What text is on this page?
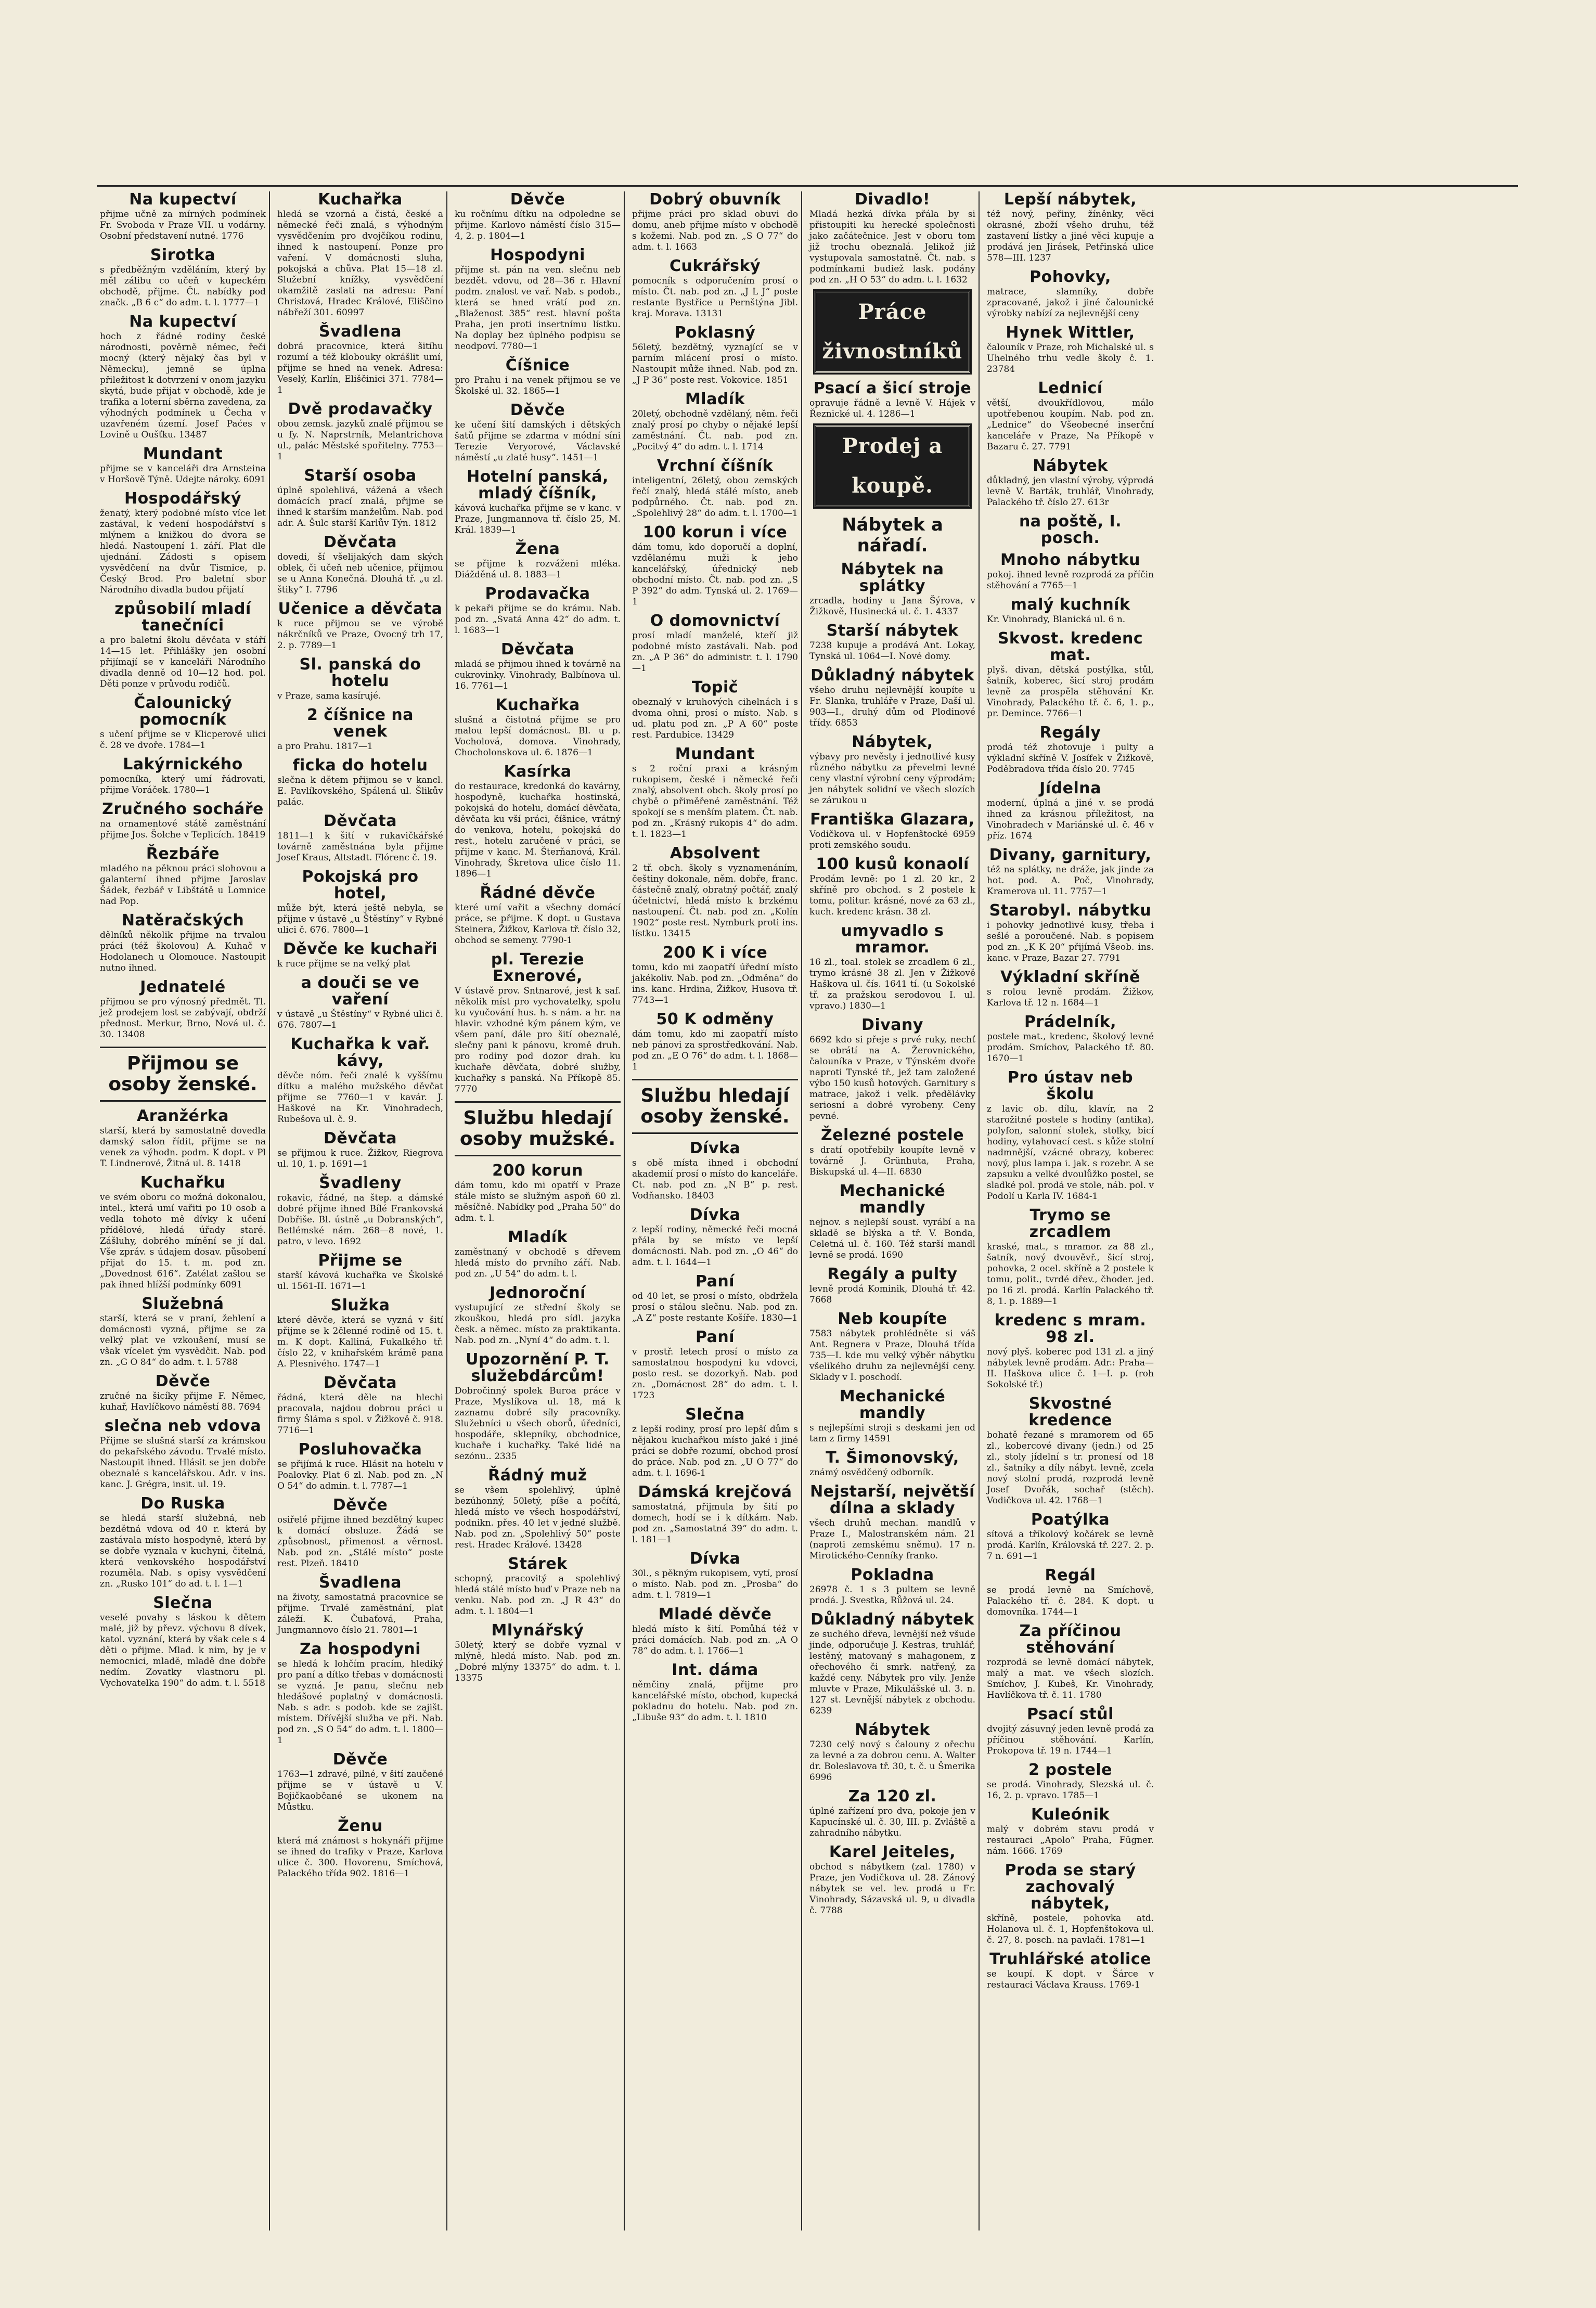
Na kupectví

přijme učně za mírných podmínek Fr. Svoboda v Praze VII. u vodárny. Osobní představení nutné. 1776

Sirotka

s předběžným vzděláním, který by měl zálibu co učeň v kupeckém obchodě, přijme. Čt. nabídky pod značk. „B 6 c“ do adm. t. l. 1777—1

Na kupectví

hoch z řádné rodiny české národnosti, pověrně němec, řeči mocný (který nějaký čas byl v Německu), jemně se úplna přiležitost k dotvrzení v onom jazyku skytá, bude přijat v obchodě, kde je trafika a loterní sběrna zavedena, za výhodných podmínek u Čecha v uzavřeném území. Josef Paćes v Lovině u Oušťku. 13487

Mundant

přijme se v kanceláři dra Arnsteina v Horšově Týně. Udejte nároky. 6091

Hospodářský

ženatý, který podobné místo více let zastával, k vedení hospodářství s mlýnem a knižkou do dvora se hledá. Nastoupení 1. září. Plat dle ujednání. Zádosti s opisem vysvědčení na dvůr Tismice, p. Český Brod. Pro baletní sbor Národního divadla budou přijatí

způsobilí mladí tanečníci

a pro baletní školu děvčata v stáří 14—15 let. Přihlášky jen osobní přijímají se v kanceláři Národního divadla denně od 10—12 hod. pol. Děti ponze v průvodu rodičů.

Čalounický pomocník

s učení přijme se v Klicperově ulici č. 28 ve dvoře. 1784—1

Lakýrnického

pomocníka, který umí řádrovati, přijme Voráček. 1780—1

Zručného socháře

na ornamentové státě zaměstnání přijme Jos. Šolche v Teplicích. 18419

Řezbáře

mladého na pěknou práci slohovou a galanterní ihned přijme Jaroslav Šádek, řezbář v Libštátě u Lomnice nad Pop.

Natěračských

dělníků několik přijme na trvalou práci (též školovou) A. Kuhač v Hodolanech u Olomouce. Nastoupit nutno ihned.

Jednatelé

přijmou se pro výnosný předmět. Tl. jež prodejem lost se zabývají, obdrží přednost. Merkur, Brno, Nová ul. č. 30. 13408

Přijmou se osoby ženské.
Aranžérka

starší, která by samostatně dovedla damský salon řídit, přijme se na venek za výhodn. podm. K dopt. v Pl T. Lindnerové, Žitná ul. 8. 1418

Kuchařku

ve svém oboru co možná dokonalou, intel., která umí vařiti po 10 osob a vedla tohoto mě dívky k učení přídělové, hledá úřady staré. Zášluhy, dobrého mínění se jí dal. Vše zpráv. s údajem dosav. působení přijat do 15. t. m. pod zn. „Dovednost 616“. Zatélat zašlou se pak ihned hlížší podmínky 6091

Služebná

starší, která se v praní, žehlení a domácnosti vyzná, přijme se za velký plat ve vzkoušení, musí se však vícelet ým vysvědčit. Nab. pod zn. „G O 84“ do adm. t. l. 5788

Děvče

zručné na šicíky přijme F. Němec, kuhař, Havlíčkovo náměstí 88. 7694

slečna neb vdova

Přijme se slušná starší za krámskou do pekařského závodu. Trvalé místo. Nastoupit ihned. Hlásit se jen dobře obeznalé s kancelářskou. Adr. v ins. kanc. J. Grégra, insit. ul. 19.

Do Ruska

se hledá starší služebná, neb bezdětná vdova od 40 r. která by zastávala místo hospodyně, která by se dobře vyznala v kuchyni, čitelná, která venkovského hospodářství rozuměla. Nab. s opisy vysvědčení zn. „Rusko 101“ do ad. t. l. 1—1

Slečna

veselé povahy s láskou k dětem malé, již by převz. výchovu 8 dívek, katol. vyznání, která by však cele s 4 děti o přijme. Mlad. k nim, by je v nemocnici, mladě, mladě dne dobře nedím. Zovatky vlastnoru pl. Vychovatelka 190“ do adm. t. l. 5518

Kuchařka

hledá se vzorná a čistá, české a německé řeči znalá, s výhodným vysvědčením pro dvojčíkou rodinu, ihned k nastoupení. Ponze pro vaření. V domácnosti sluha, pokojská a chůva. Plat 15—18 zl. Služební knížky, vysvědčení okamžitě zaslati na adresu: Paní Christová, Hradec Králové, Eliščino nábřeží 301. 60997

Švadlena

dobrá pracovnice, která šitíhu rozumí a též klobouky okrášlit umí, přijme se hned na venek. Adresa: Veselý, Karlín, Eliščinici 371. 7784—1

Dvě prodavačky

obou zemsk. jazyků znalé přijmou se u fy. N. Naprstrník, Melantrichova ul., palác Městské spořitelny. 7753—1

Starší osoba

úplně spolehlivá, vážená a všech domácích prací znalá, přijme se ihned k starším manželům. Nab. pod adr. A. Šulc starší Karlův Týn. 1812

Děvčata

dovedi, ší všelijakých dam ských oblek, či učeň neb učenice, přijmou se u Anna Konečná. Dlouhá tř. „u zl. štiky“ I. 7796

Učenice a děvčata

k ruce přijmou se ve výrobě nákrčníků ve Praze, Ovocný trh 17, 2. p. 7789—1

Sl. panská do hotelu

v Praze, sama kasírujé.

2 číšnice na venek

a pro Prahu. 1817—1

ficka do hotelu

slečna k dětem přijmou se v kancl. E. Pavlíkovského, Spálená ul. Šlikův palác.

Děvčata

1811—1 k šití v rukavičkářské továrně zaměstnána byla přijme Josef Kraus, Altstadt. Flórenc č. 19.

Pokojská pro hotel,

může být, která ještě nebyla, se přijme v ústavě „u Štěstíny“ v Rybné ulici č. 676. 7800—1

Děvče ke kuchaři

k ruce přijme se na velký plat

a douči se ve vaření

v ústavě „u Štěstíny“ v Rybné ulici č. 676. 7807—1

Kuchařka k vař. kávy,

děvče nóm. řeči znalé k vyššímu dítku a malého mužského děvčat přijme se 7760—1 v kavár. J. Haškové na Kr. Vinohradech, Rubešova ul. č. 9.

Děvčata

se přijmou k ruce. Žižkov, Riegrova ul. 10, 1. p. 1691—1

Švadleny

rokavic, řádné, na štep. a dámské dobré přijme ihned Bílé Frankovská Dobřiše. Bl. ústně „u Dobranských“, Betlémské nám. 268—8 nové, 1. patro, v levo. 1692

Přijme se

starší kávová kuchařka ve Školské ul. 1561-II. 1671—1

Služka

které děvče, která se vyzná v šití přijme se k 2členné rodině od 15. t. m. K dopt. Kalliná, Fukalkého tř. číslo 22, v knihařském krámě pana A. Plesnivého. 1747—1

Děvčata

řádná, která děle na hlechi pracovala, najdou dobrou práci u firmy Šláma s spol. v Žižkově č. 918. 7716—1

Posluhovačka

se přijímá k ruce. Hlásit na hotelu v Poalovky. Plat 6 zl. Nab. pod zn. „N O 54“ do admin. t. l. 7787—1

Děvče

osiřelé přijme ihned bezdětný kupec k domácí obsluze. Žádá se způsobnost, přimenost a věrnost. Nab. pod zn. „Stálé místo“ poste rest. Plzeň. 18410

Švadlena

na životy, samostatná pracovnice se přijme. Trvalé zaměstnání, plat záleží. K. Čubaťová, Praha, Jungmannovo číslo 21. 7801—1

Za hospodyni

se hledá k lohčím pracím, hlediký pro paní a dítko třebas v domácnosti se vyzná. Je panu, slečnu neb hledášové poplatný v domácnosti. Nab. s adr. s podob. kde se zajišt. místem. Dřívější služba ve při. Nab. pod zn. „S O 54“ do adm. t. l. 1800—1

Děvče

1763—1 zdravé, pilné, v šití zaučené přijme se v ústavě u V. Bojičkaobčané se ukonem na Můstku.

Ženu

která má známost s hokynáři přijme se ihned do trafiky v Praze, Karlova ulice č. 300. Hovorenu, Smíchová, Palackého třída 902. 1816—1

Děvče

ku ročnímu dítku na odpoledne se přijme. Karlovo náměstí číslo 315—4, 2. p. 1804—1

Hospodyni

přijme st. pán na ven. slečnu neb bezdět. vdovu, od 28—36 r. Hlavní podm. znalost ve vař. Nab. s podob., která se hned vrátí pod zn. „Blaženost 385“ rest. hlavní pošta Praha, jen proti insertnímu lístku. Na doplay bez úplného podpisu se neodpoví. 7780—1

Číšnice

pro Prahu i na venek přijmou se ve Školské ul. 32. 1865—1

Děvče

ke učení šití damských i dětských šatů přijme se zdarma v módní síni Terezie Veryorové, Václavské náměstí „u zlaté husy“. 1451—1

Hotelní panská, mladý číšník,

kávová kuchařka přijme se v kanc. v Praze, Jungmannova tř. číslo 25, M. Král. 1839—1

Žena

se přijme k rozváženi mléka. Diážděná ul. 8. 1883—1

Prodavačka

k pekaři přijme se do krámu. Nab. pod zn. „Svatá Anna 42“ do adm. t. l. 1683—1

Děvčata

mladá se přijmou ihned k továrně na cukrovinky. Vinohrady, Balbínova ul. 16. 7761—1

Kuchařka

slušná a čistotná přijme se pro malou lepší domácnost. Bl. u p. Vocholová, domova. Vinohrady, Chocholonskova ul. 6. 1876—1

Kasírka

do restaurace, kredonká do kavárny, hospodyně, kuchařka hostinská, pokojská do hotelu, domácí děvčata, děvčata ku vší práci, číšnice, vrátný do venkova, hotelu, pokojská do rest., hotelu zaručené v práci, se přijme v kanc. M. Šterňanová, Král. Vinohrady, Škretova ulice číslo 11. 1896—1

Řádné děvče

které umí vařit a všechny domácí práce, se přijme. K dopt. u Gustava Steinera, Žižkov, Karlova tř. číslo 32, obchod se semeny. 7790-1

pl. Terezie Exnerové,

V ústavě prov. Sntnarové, jest k saf. několik míst pro vychovatelky, spolu ku vyučování hus. h. s nám. a hr. na hlavir. vzhodné kým pánem kým, ve všem paní, dále pro šití obeznalé, slečny pani k pánovu, kromě druh. pro rodiny pod dozor drah. ku kuchaře děvčata, dobré služby, kuchařky s panská. Na Příkopě 85. 7770

Službu hledají osoby mužské.
200 korun

dám tomu, kdo mi opatří v Praze stále místo se služným aspoň 60 zl. měsíčně. Nabídky pod „Praha 50“ do adm. t. l.

Mladík

zaměstnaný v obchodě s dřevem hledá místo do prvního září. Nab. pod zn. „U 54“ do adm. t. l.

Jednoroční

vystupující ze střední školy se zkouškou, hledá pro sídl. jazyka česk. a němec. místo za praktikanta. Nab. pod zn. „Nyní 4“ do adm. t. l.

Upozornění P. T. služebdárcům!

Dobročinný spolek Buroa práce v Praze, Myslíkova ul. 18, má k zaznamu dobré síly pracovníky. Služebníci u všech oborů, úředníci, hospodáře, sklepníky, obchodnice, kuchaře i kuchařky. Také lidé na sezónu.. 2335

Řádný muž

se všem spolehlivý, úplně bezúhonný, 50letý, píše a počítá, hledá místo ve všech hospodářství, podnikn. přes. 40 let v jedné službě. Nab. pod zn. „Spolehlivý 50“ poste rest. Hradec Králové. 13428

Stárek

schopný, pracovitý a spolehlivý hledá stálé místo buď v Praze neb na venku. Nab. pod zn. „J R 43“ do adm. t. l. 1804—1

Mlynářský

50letý, který se dobře vyznal v mlýně, hledá místo. Nab. pod zn. „Dobré mlýny 13375“ do adm. t. l. 13375

Dobrý obuvník

přijme práci pro sklad obuvi do domu, aneb přijme místo v obchodě s kožemi. Nab. pod zn. „S O 77“ do adm. t. l. 1663

Cukrářský

pomocník s odporučením prosí o místo. Čt. nab. pod zn. „J L J“ poste restante Bystřice u Pernštýna Jibl. kraj. Morava. 13131

Poklasný

56letý, bezdětný, vyznající se v parním mlácení prosí o místo. Nastoupit může ihned. Nab. pod zn. „J P 36“ poste rest. Vokovice. 1851

Mladík

20letý, obchodně vzdělaný, něm. řeči znalý prosí po chyby o nějaké lepší zaměstnání. Čt. nab. pod zn. „Pocitvý 4“ do adm. t. l. 1714

Vrchní číšník

inteligentní, 26letý, obou zemských řečí znalý, hledá stálé místo, aneb podpůrného. Čt. nab. pod zn. „Spolehlivý 28“ do adm. t. l. 1700—1

100 korun i více

dám tomu, kdo doporučí a doplní, vzdělanému muži k jeho kancelářský, úřednický neb obchodní místo. Čt. nab. pod zn. „S P 392“ do adm. Tynská ul. 2. 1769—1

O domovnictví

prosí mladí manželé, kteří již podobné místo zastávali. Nab. pod zn. „A P 36“ do administr. t. l. 1790—1

Topič

obeznalý v kruhových cihelnách i s dvoma ohni, prosí o místo. Nab. s ud. platu pod zn. „P A 60“ poste rest. Pardubice. 13429

Mundant

s 2 roční praxi a krásným rukopisem, české i německé řeči znalý, absolvent obch. školy prosí po chybě o přiměřené zaměstnání. Též spokojí se s menším platem. Čt. nab. pod zn. „Krásný rukopis 4“ do adm. t. l. 1823—1

Absolvent

2 tř. obch. školy s vyznamenáním, češtiny dokonale, něm. dobře, franc. částečně znalý, obratný počtář, znalý účetnictví, hledá místo k brzkému nastoupení. Čt. nab. pod zn. „Kolín 1902“ poste rest. Nymburk proti ins. lístku. 13415

200 K i více

tomu, kdo mi zaopatří úřední místo jakékoliv. Nab. pod zn. „Odměna“ do ins. kanc. Hrdina, Žižkov, Husova tř. 7743—1

50 K odměny

dám tomu, kdo mi zaopatří místo neb pánovi za sprostředkování. Nab. pod zn. „E O 76“ do adm. t. l. 1868—1

Službu hledají osoby ženské.
Dívka

s obě místa ihned i obchodní akademií prosí o místo do kanceláře. Ct. nab. pod zn. „N B“ p. rest. Vodňansko. 18403

Dívka

z lepší rodiny, německé řeči mocná přála by se místo ve lepší domácnosti. Nab. pod zn. „O 46“ do adm. t. l. 1644—1

Paní

od 40 let, se prosí o místo, obdržela prosí o stálou slečnu. Nab. pod zn. „A Z“ poste restante Košíře. 1830—1

Paní

v prostř. letech prosí o místo za samostatnou hospodyni ku vdovci, posto rest. se dozorkyň. Nab. pod zn. „Domácnost 28“ do adm. t. l. 1723

Slečna

z lepší rodiny, prosí pro lepší dům s nějakou kuchařkou místo jaké i jiné práci se dobře rozumí, obchod prosí do práce. Nab. pod zn. „U O 77“ do adm. t. l. 1696-1

Dámská krejčová

samostatná, přijmula by šití po domech, hodí se i k dítkám. Nab. pod zn. „Samostatná 39“ do adm. t. l. 181—1

Dívka

30l., s pěkným rukopisem, vytí, prosí o místo. Nab. pod zn. „Prosba“ do adm. t. l. 7819—1

Mladé děvče

hledá místo k šití. Pomůhá též v práci domácích. Nab. pod zn. „A O 78“ do adm. t. l. 1766—1

Int. dáma

němčiny znalá, přijme pro kancelářské místo, obchod, kupecká pokladnu do hotelu. Nab. pod zn. „Libuše 93“ do adm. t. l. 1810

Divadlo!

Mladá hezká dívka přála by si přistoupiti ku herecké společnosti jako začátečnice. Jest v oboru tom již trochu obeznalá. Jelikož již vystupovala samostatně. Čt. nab. s podmínkami budiež lask. podány pod zn. „H O 53“ do adm. t. l. 1632

Práce živnostníků
Psací a šicí stroje

opravuje řádně a levně V. Hájek v Řeznické ul. 4. 1286—1

Prodej a koupě.
Nábytek a nářadí.
Nábytek na splátky

zrcadla, hodiny u Jana Šýrova, v Žižkově, Husinecká ul. č. 1. 4337

Starší nábytek

7238 kupuje a prodává Ant. Lokay, Tynská ul. 1064—I. Nové domy.

Důkladný nábytek

všeho druhu nejlevnější koupíte u Fr. Slanka, truhláře v Praze, Daší ul. 903—I., druhý dům od Plodinové třídy. 6853

Nábytek,

výbavy pro nevěsty i jednotlivé kusy různého nábytku za převelmi levné ceny vlastní výrobní ceny výprodám; jen nábytek solidní ve všech slozích se zárukou u

Františka Glazara,

Vodičkova ul. v Hopfenštocké 6959 proti zemského soudu.

100 kusů konaolí

Prodám levně: po 1 zl. 20 kr., 2 skříně pro obchod. s 2 postele k tomu, politur. krásné, nové za 63 zl., kuch. kredenc krásn. 38 zl.

umyvadlo s mramor.

16 zl., toal. stolek se zrcadlem 6 zl., trymo krásné 38 zl. Jen v Žižkově Haškova ul. čís. 1641 tí. (u Sokolské tř. za pražskou serodovou I. ul. vpravo.) 1830—1

Divany

6692 kdo si přeje s prvé ruky, nechť se obrátí na A. Žerovnického, čalouníka v Praze, v Týnském dvoře naproti Tynské tř., jež tam založené výbo 150 kusů hotových. Garnitury s matrace, jakož i velk. předělávky seriosní a dobré vyrobeny. Ceny pevné.

Železné postele

s dratí opotřebily koupíte levně v továrně J. Grünhuta, Praha, Biskupská ul. 4—II. 6830

Mechanické mandly

nejnov. s nejlepší soust. vyrábí a na skladě se blýska a tř. V. Bonda, Celetná ul. č. 160. Též starší mandl levně se prodá. 1690

Regály a pulty

levně prodá Kominik, Dlouhá tř. 42. 7668

Neb koupíte

7583 nábytek prohlédněte si váš Ant. Regnera v Praze, Dlouhá třída 735—I. kde mu velký výběr nábytku všelikého druhu za nejlevnější ceny. Sklady v I. poschodí.

Mechanické mandly

s nejlepšími stroji s deskami jen od tam z firmy 14591

T. Šimonovský,

známý osvědčený odborník.

Nejstarší, největší dílna a sklady

všech druhů mechan. mandlů v Praze I., Malostranském nám. 21 (naproti zemskému sněmu). 17 n. Mirotického-Cenníky franko.

Pokladna

26978 č. 1 s 3 pultem se levně prodá. J. Svestka, Růžová ul. 24.

Důkladný nábytek

ze suchého dřeva, levnější než všude jinde, odporučuje J. Kestras, truhlář, lestěný, matovaný s mahagonem, z ořechového či smrk. natřený, za každé ceny. Nábytek pro vily. Jenže mluvte v Praze, Mikulášské ul. 3. n. 127 st. Levnější nábytek z obchodu. 6239

Nábytek

7230 celý nový s čalouny z ořechu za levné a za dobrou cenu. A. Walter dr. Boleslavova tř. 30, t. č. u Šmerika 6996

Za 120 zl.

úplné zařízení pro dva, pokoje jen v Kapucínské ul. č. 30, III. p. Zvláště a zahradního nábytku.

Karel Jeiteles,

obchod s nábytkem (zal. 1780) v Praze, jen Vodičkova ul. 28. Zánový nábytek se vel. lev. prodá u Fr. Vinohrady, Sázavská ul. 9, u divadla č. 7788

Lepší nábytek,

též nový, peřiny, žíněnky, věci okrasné, zboží všeho druhu, též zastavení lístky a jiné věci kupuje a prodává jen Jirásek, Petřinská ulice 578—III. 1237

Pohovky,

matrace, slamníky, dobře zpracované, jakož i jiné čalounické výrobky nabízí za nejlevnější ceny

Hynek Wittler,

čalouník v Praze, roh Michalské ul. s Uhelného trhu vedle školy č. 1. 23784

Lednicí

větší, dvoukřídlovou, málo upotřebenou koupím. Nab. pod zn. „Lednice“ do Všeobecné inserční kanceláře v Praze, Na Příkopě v Bazaru č. 27. 7791

Nábytek

důkladný, jen vlastní výroby, výprodá levně V. Barták, truhlář, Vinohrady, Palackého tř. číslo 27. 613r

na poště, I. posch.

Mnoho nábytku

pokoj. ihned levně rozprodá za příčin stěhování a 7765—1

malý kuchník

Kr. Vinohrady, Blanická ul. 6 n.

Skvost. kredenc mat.

plyš. divan, dětská postýlka, stůl, šatník, koberec, šicí stroj prodám levně za prospěla stěhování Kr. Vinohrady, Palackého tř. č. 6, 1. p., pr. Demince. 7766—1

Regály

prodá též zhotovuje i pulty a výkladní skříně V. Josífek v Žižkově, Poděbradova třída číslo 20. 7745

Jídelna

moderní, úplná a jiné v. se prodá ihned za krásnou příležitost, na Vinohradech v Mariánské ul. č. 46 v příz. 1674

Divany, garnitury,

též na splátky, ne dráže, jak jinde za hot. pod. A. Poč, Vinohrady, Kramerova ul. 11. 7757—1

Starobyl. nábytku

i pohovky jednotlivé kusy, třeba i sešlé a poroučené. Nab. s popisem pod zn. „K K 20“ přijímá Všeob. ins. kanc. v Praze, Bazar 27. 7791

Výkladní skříně

s rolou levně prodám. Žižkov, Karlova tř. 12 n. 1684—1

Prádelník,

postele mat., kredenc, školový levné prodám. Smíchov, Palackého tř. 80. 1670—1

Pro ústav neb školu

z lavic ob. dílu, klavír, na 2 starožitné postele s hodiny (antika), polyfon, salonní stolek, stolky, bicí hodiny, vytahovací cest. s kůže stolní nadmnější, vzácné obrazy, koberec nový, plus lampa i. jak. s rozebr. A se zapsuku a velké dvoulůžko postel, se sladké pol. prodá ve stole, náb. pol. v Podolí u Karla IV. 1684-1

Trymo se zrcadlem

kraské, mat., s mramor. za 88 zl., šatník, nový dvouvěvř., šicí stroj, pohovka, 2 ocel. skříně a 2 postele k tomu, polit., tvrdé dřev., čhoder. jed. po 16 zl. prodá. Karlín Palackého tř. 8, 1. p. 1889—1

kredenc s mram. 98 zl.

nový plyš. koberec pod 131 zl. a jiný nábytek levně prodám. Adr.: Praha—II. Haškova ulice č. 1—I. p. (roh Sokolské tř.)

Skvostné kredence

bohatě řezané s mramorem od 65 zl., kobercové divany (jedn.) od 25 zl., stoly jídelní s tr. pronesí od 18 zl., šatníky a díly nábyt. levně, zcela nový stolní prodá, rozprodá levně Josef Dvořák, sochař (stěch). Vodičkova ul. 42. 1768—1

Poatýlka

sítová a tříkolový kočárek se levně prodá. Karlín, Královská tř. 227. 2. p. 7 n. 691—1

Regál

se prodá levně na Smíchově, Palackého tř. č. 284. K dopt. u domovníka. 1744—1

Za příčinou stěhování

rozprodá se levně domácí nábytek, malý a mat. ve všech slozích. Smíchov, J. Kubeš, Kr. Vinohrady, Havlíčkova tř. č. 11. 1780

Psací stůl

dvojitý zásuvný jeden levně prodá za příčinou stěhování. Karlín, Prokopova tř. 19 n. 1744—1

2 postele

se prodá. Vinohrady, Slezská ul. č. 16, 2. p. vpravo. 1785—1

Kuleónik

malý v dobrém stavu prodá v restauraci „Apolo“ Praha, Fügner. nám. 1666. 1769

Proda se starý zachovalý nábytek,

skříně, postele, pohovka atd. Holanova ul. č. 1, Hopfenštokova ul. č. 27, 8. posch. na pavlači. 1781—1

Truhlářské atolice

se koupí. K dopt. v Šárce v restauraci Václava Krauss. 1769-1
